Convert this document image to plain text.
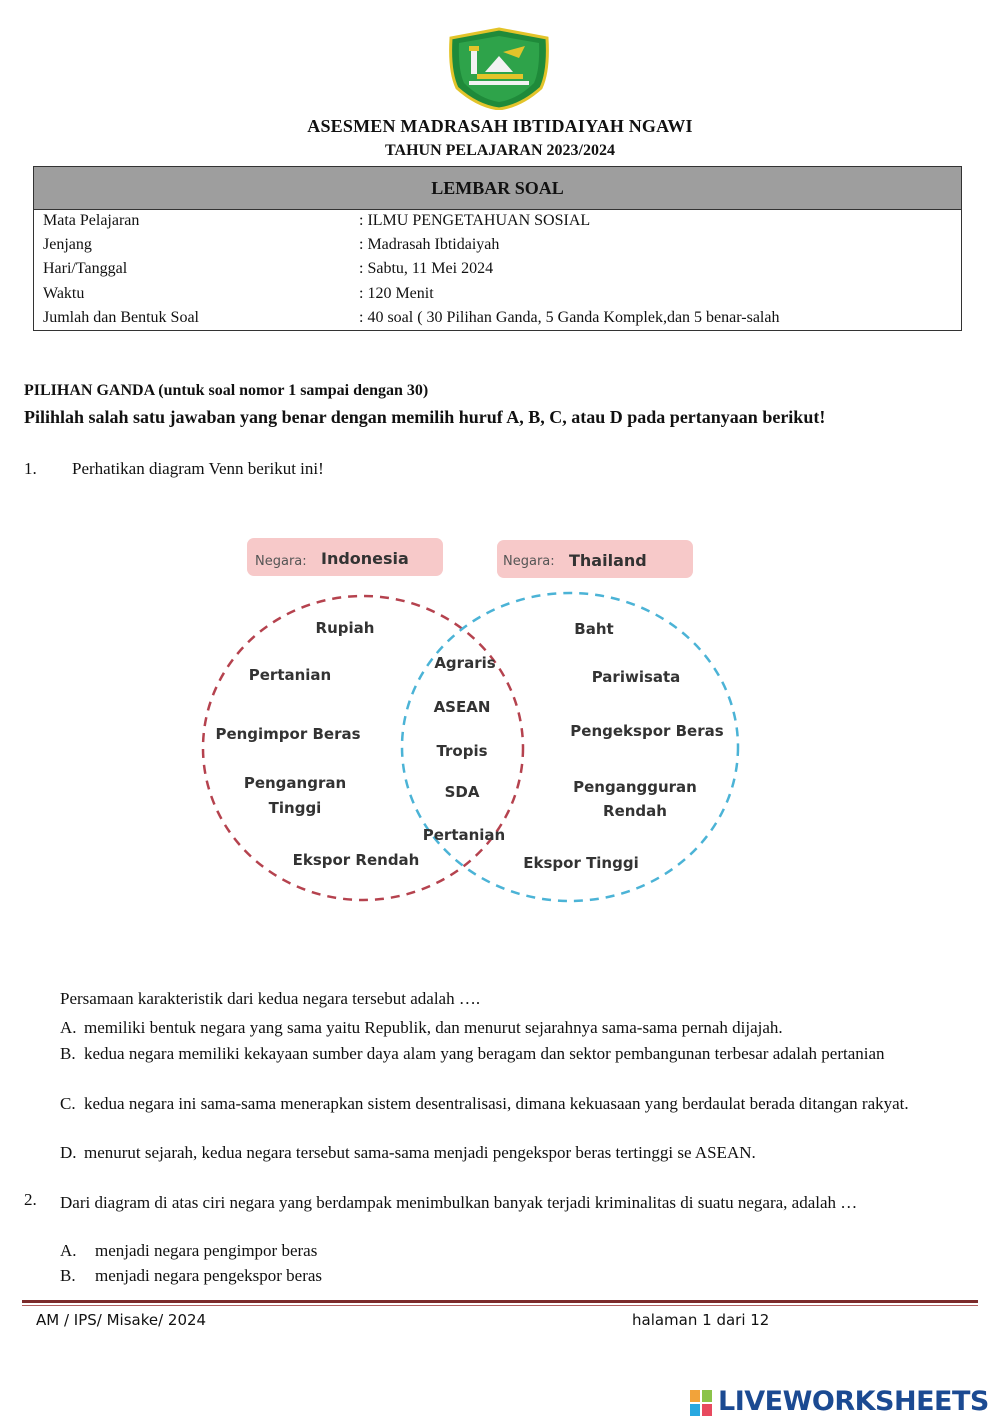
ASESMEN MADRASAH IBTIDAIYAH NGAWI
TAHUN PELAJARAN 2023/2024
LEMBAR SOAL
Mata Pelajaran	: ILMU PENGETAHUAN SOSIAL
Jenjang	: Madrasah Ibtidaiyah
Hari/Tanggal	: Sabtu, 11 Mei 2024
Waktu	: 120 Menit
Jumlah dan Bentuk Soal	: 40 soal ( 30 Pilihan Ganda, 5 Ganda Komplek,dan 5 benar-salah
PILIHAN GANDA (untuk soal nomor 1 sampai dengan 30)
Pilihlah salah satu jawaban yang benar dengan memilih huruf A, B, C, atau D pada pertanyaan berikut!
1. Perhatikan diagram Venn berikut ini!
Negara: Indonesia	Negara: Thailand
Rupiah
Pertanian
Pengimpor Beras
Pengangran
Tinggi
Ekspor Rendah
Agraris
ASEAN
Tropis
SDA
Pertanian
Baht
Pariwisata
Pengekspor Beras
Pengangguran
Rendah
Ekspor Tinggi
Persamaan karakteristik dari kedua negara tersebut adalah ….
A. memiliki bentuk negara yang sama yaitu Republik, dan menurut sejarahnya sama-sama pernah dijajah.
B. kedua negara memiliki kekayaan sumber daya alam yang beragam dan sektor pembangunan terbesar adalah pertanian
C. kedua negara ini sama-sama menerapkan sistem desentralisasi, dimana kekuasaan yang berdaulat berada ditangan rakyat.
D. menurut sejarah, kedua negara tersebut sama-sama menjadi pengekspor beras tertinggi se ASEAN.
2. Dari diagram di atas ciri negara yang berdampak menimbulkan banyak terjadi kriminalitas di suatu negara, adalah …
A. menjadi negara pengimpor beras
B. menjadi negara pengekspor beras
AM / IPS/ Misake/ 2024	halaman 1 dari 12
LIVEWORKSHEETS
